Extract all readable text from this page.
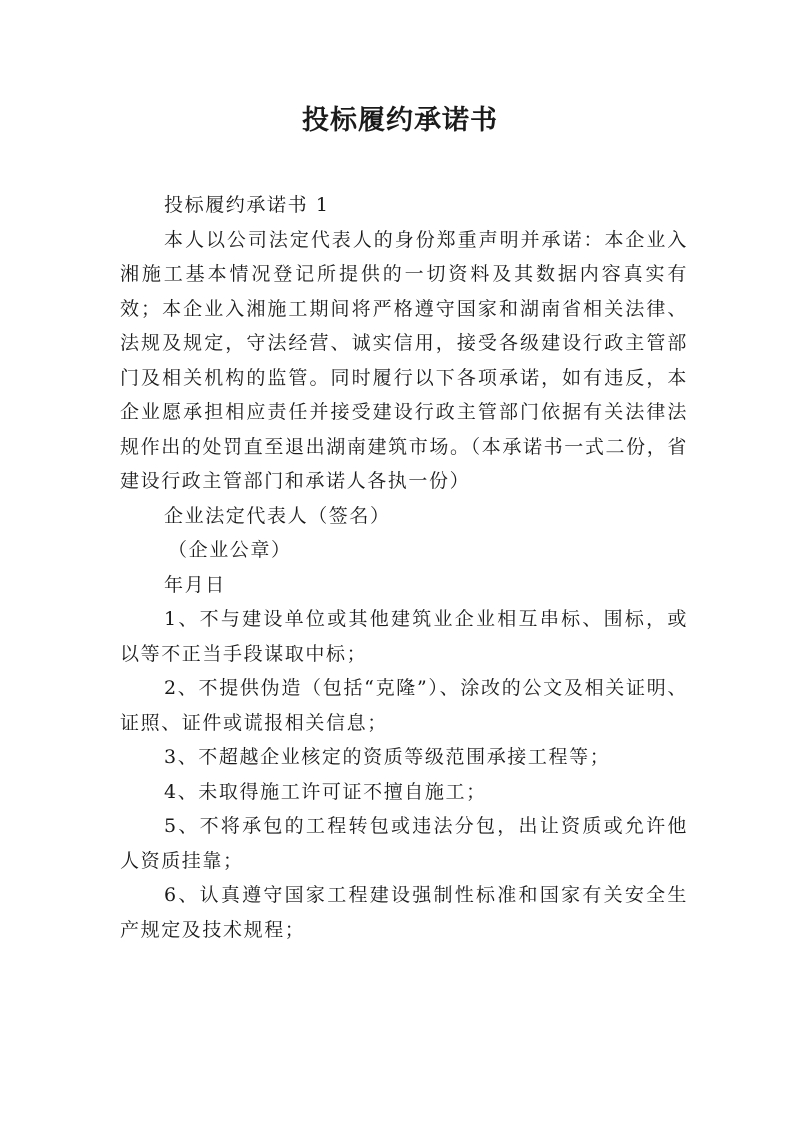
投标履约承诺书

投标履约承诺书 1

本人以公司法定代表人的身份郑重声明并承诺：本企业入湘施工基本情况登记所提供的一切资料及其数据内容真实有效；本企业入湘施工期间将严格遵守国家和湖南省相关法律、法规及规定，守法经营、诚实信用，接受各级建设行政主管部门及相关机构的监管。同时履行以下各项承诺，如有违反，本企业愿承担相应责任并接受建设行政主管部门依据有关法律法规作出的处罚直至退出湖南建筑市场。（本承诺书一式二份，省建设行政主管部门和承诺人各执一份）

企业法定代表人（签名）

（企业公章）

年月日

1、不与建设单位或其他建筑业企业相互串标、围标，或以等不正当手段谋取中标；

2、不提供伪造（包括“克隆”）、涂改的公文及相关证明、证照、证件或谎报相关信息；

3、不超越企业核定的资质等级范围承接工程等；

4、未取得施工许可证不擅自施工；

5、不将承包的工程转包或违法分包，出让资质或允许他人资质挂靠；

6、认真遵守国家工程建设强制性标准和国家有关安全生产规定及技术规程；
